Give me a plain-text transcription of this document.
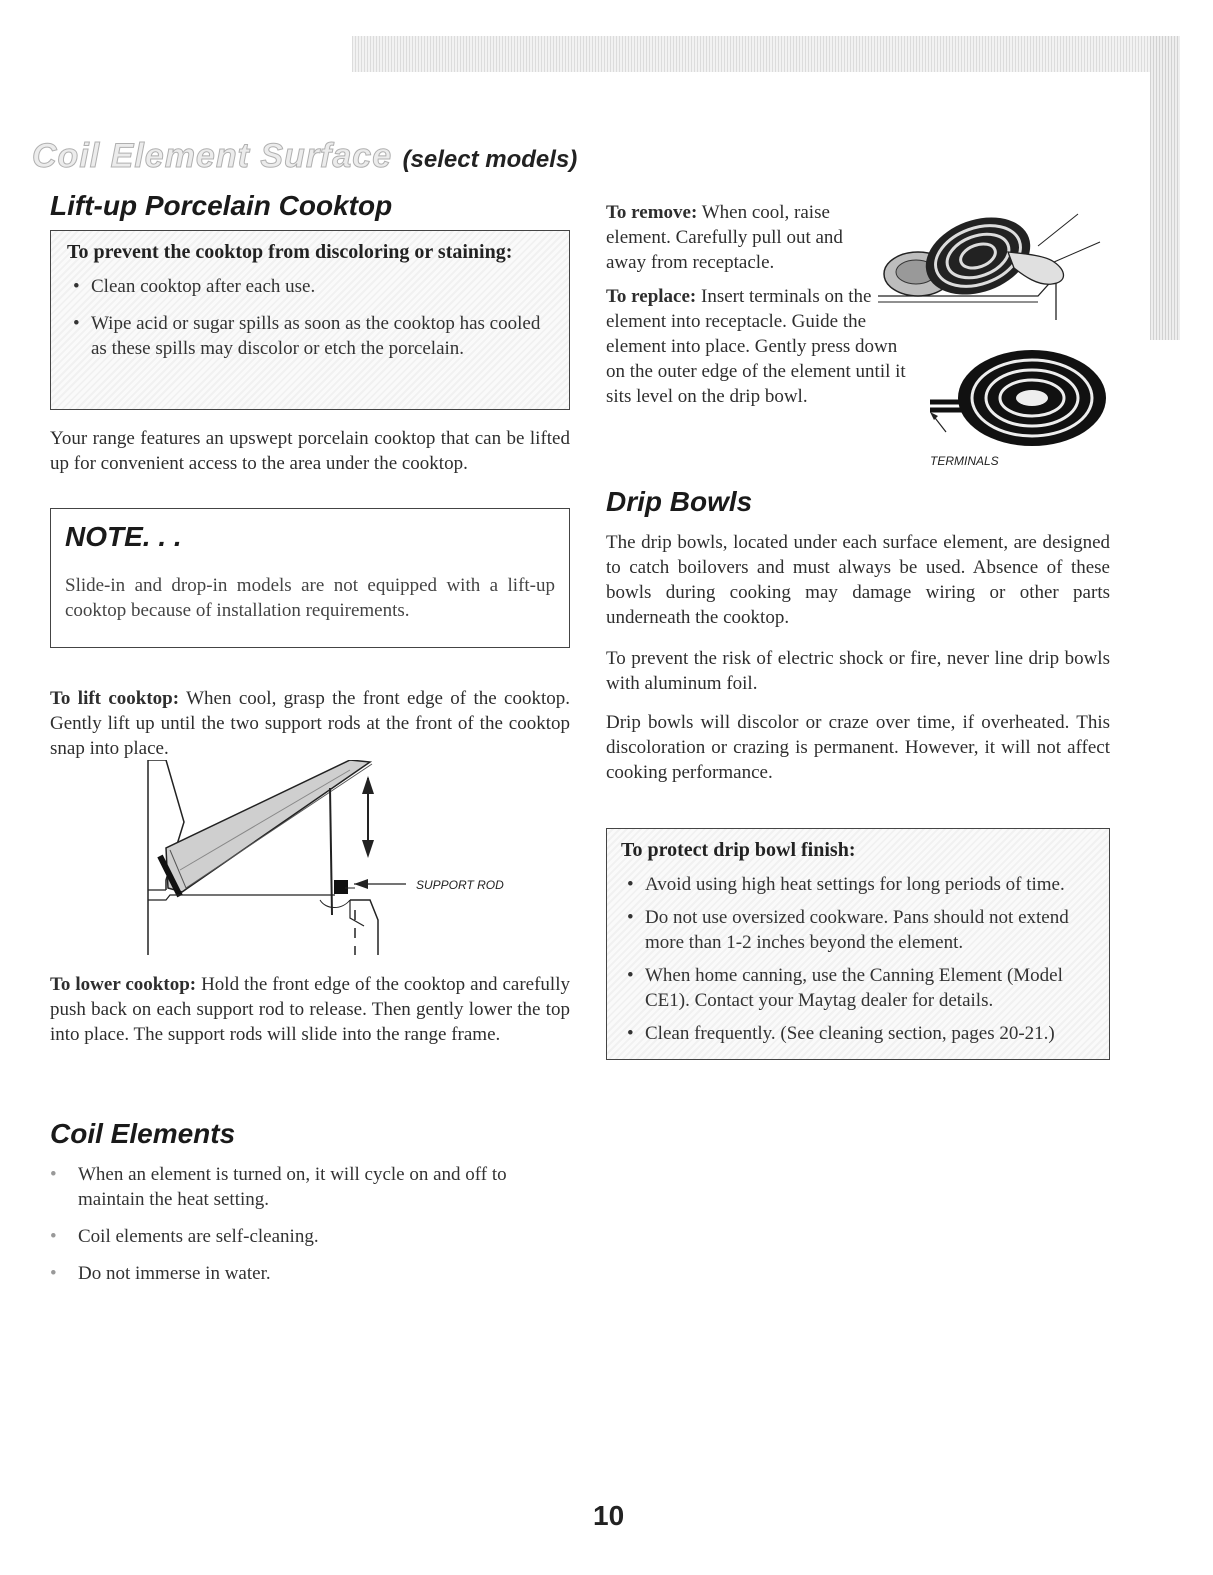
Coil Element Surface (select models)
Lift-up Porcelain Cooktop
To prevent the cooktop from discoloring or staining:
• Clean cooktop after each use.
• Wipe acid or sugar spills as soon as the cooktop has cooled as these spills may discolor or etch the porcelain.
Your range features an upswept porcelain cooktop that can be lifted up for convenient access to the area under the cooktop.
NOTE. . .
Slide-in and drop-in models are not equipped with a lift-up cooktop because of installation requirements.
To lift cooktop: When cool, grasp the front edge of the cooktop. Gently lift up until the two support rods at the front of the cooktop snap into place.
SUPPORT ROD
To lower cooktop: Hold the front edge of the cooktop and carefully push back on each support rod to release. Then gently lower the top into place. The support rods will slide into the range frame.
Coil Elements
• When an element is turned on, it will cycle on and off to maintain the heat setting.
• Coil elements are self-cleaning.
• Do not immerse in water.
To remove: When cool, raise element. Carefully pull out and away from receptacle.
To replace: Insert terminals on the element into receptacle. Guide the element into place. Gently press down on the outer edge of the element until it sits level on the drip bowl.
TERMINALS
Drip Bowls
The drip bowls, located under each surface element, are designed to catch boilovers and must always be used. Absence of these bowls during cooking may damage wiring or other parts underneath the cooktop.
To prevent the risk of electric shock or fire, never line drip bowls with aluminum foil.
Drip bowls will discolor or craze over time, if overheated. This discoloration or crazing is permanent. However, it will not affect cooking performance.
To protect drip bowl finish:
• Avoid using high heat settings for long periods of time.
• Do not use oversized cookware. Pans should not extend more than 1-2 inches beyond the element.
• When home canning, use the Canning Element (Model CE1). Contact your Maytag dealer for details.
• Clean frequently. (See cleaning section, pages 20-21.)
10
